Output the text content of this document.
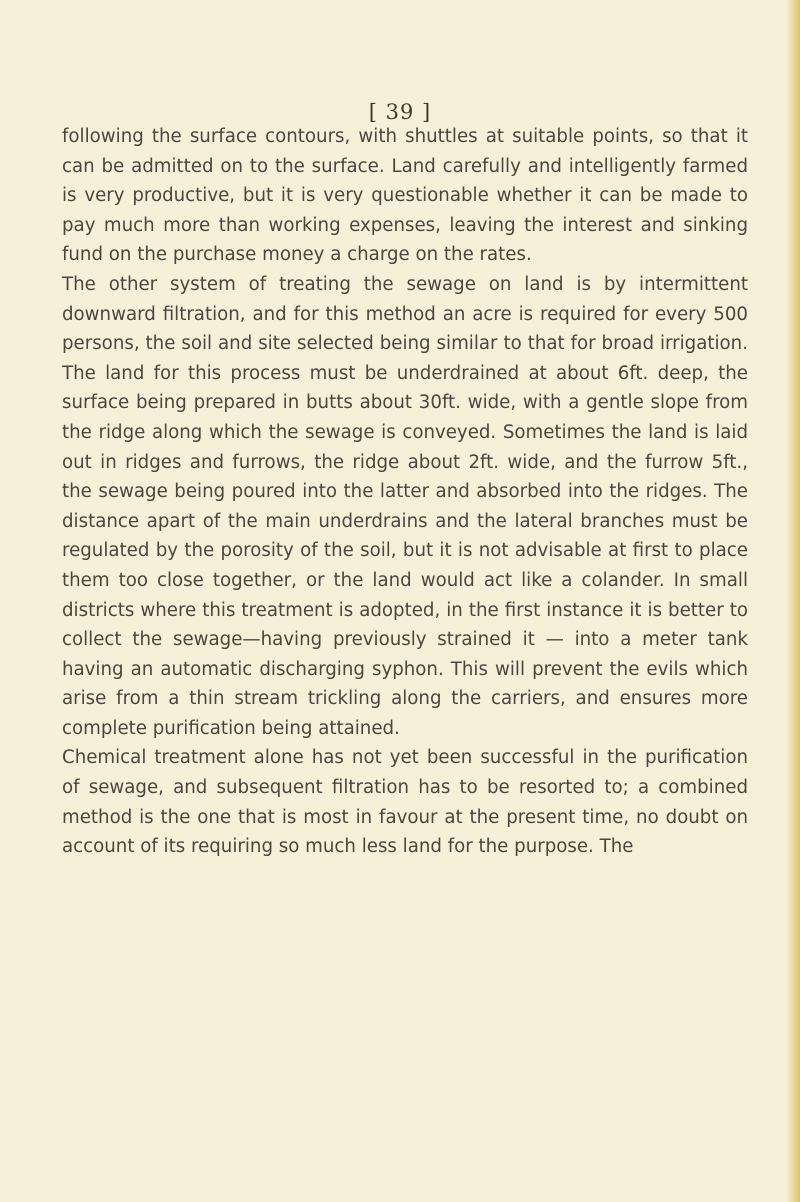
[ 39 ]

following the surface contours, with shuttles at suitable points, so that it can be admitted on to the surface. Land carefully and intelligently farmed is very productive, but it is very questionable whether it can be made to pay much more than working expenses, leaving the interest and sinking fund on the purchase money a charge on the rates.

The other system of treating the sewage on land is by intermittent downward filtration, and for this method an acre is required for every 500 persons, the soil and site selected being similar to that for broad irrigation. The land for this process must be underdrained at about 6ft. deep, the surface being prepared in butts about 30ft. wide, with a gentle slope from the ridge along which the sewage is conveyed. Sometimes the land is laid out in ridges and furrows, the ridge about 2ft. wide, and the furrow 5ft., the sewage being poured into the latter and absorbed into the ridges. The distance apart of the main underdrains and the lateral branches must be regulated by the porosity of the soil, but it is not advisable at first to place them too close together, or the land would act like a colander. In small districts where this treatment is adopted, in the first instance it is better to collect the sewage—having previously strained it — into a meter tank having an automatic discharging syphon. This will prevent the evils which arise from a thin stream trickling along the carriers, and ensures more complete purification being attained.

Chemical treatment alone has not yet been successful in the purification of sewage, and subsequent filtration has to be resorted to; a combined method is the one that is most in favour at the present time, no doubt on account of its requiring so much less land for the purpose. The
